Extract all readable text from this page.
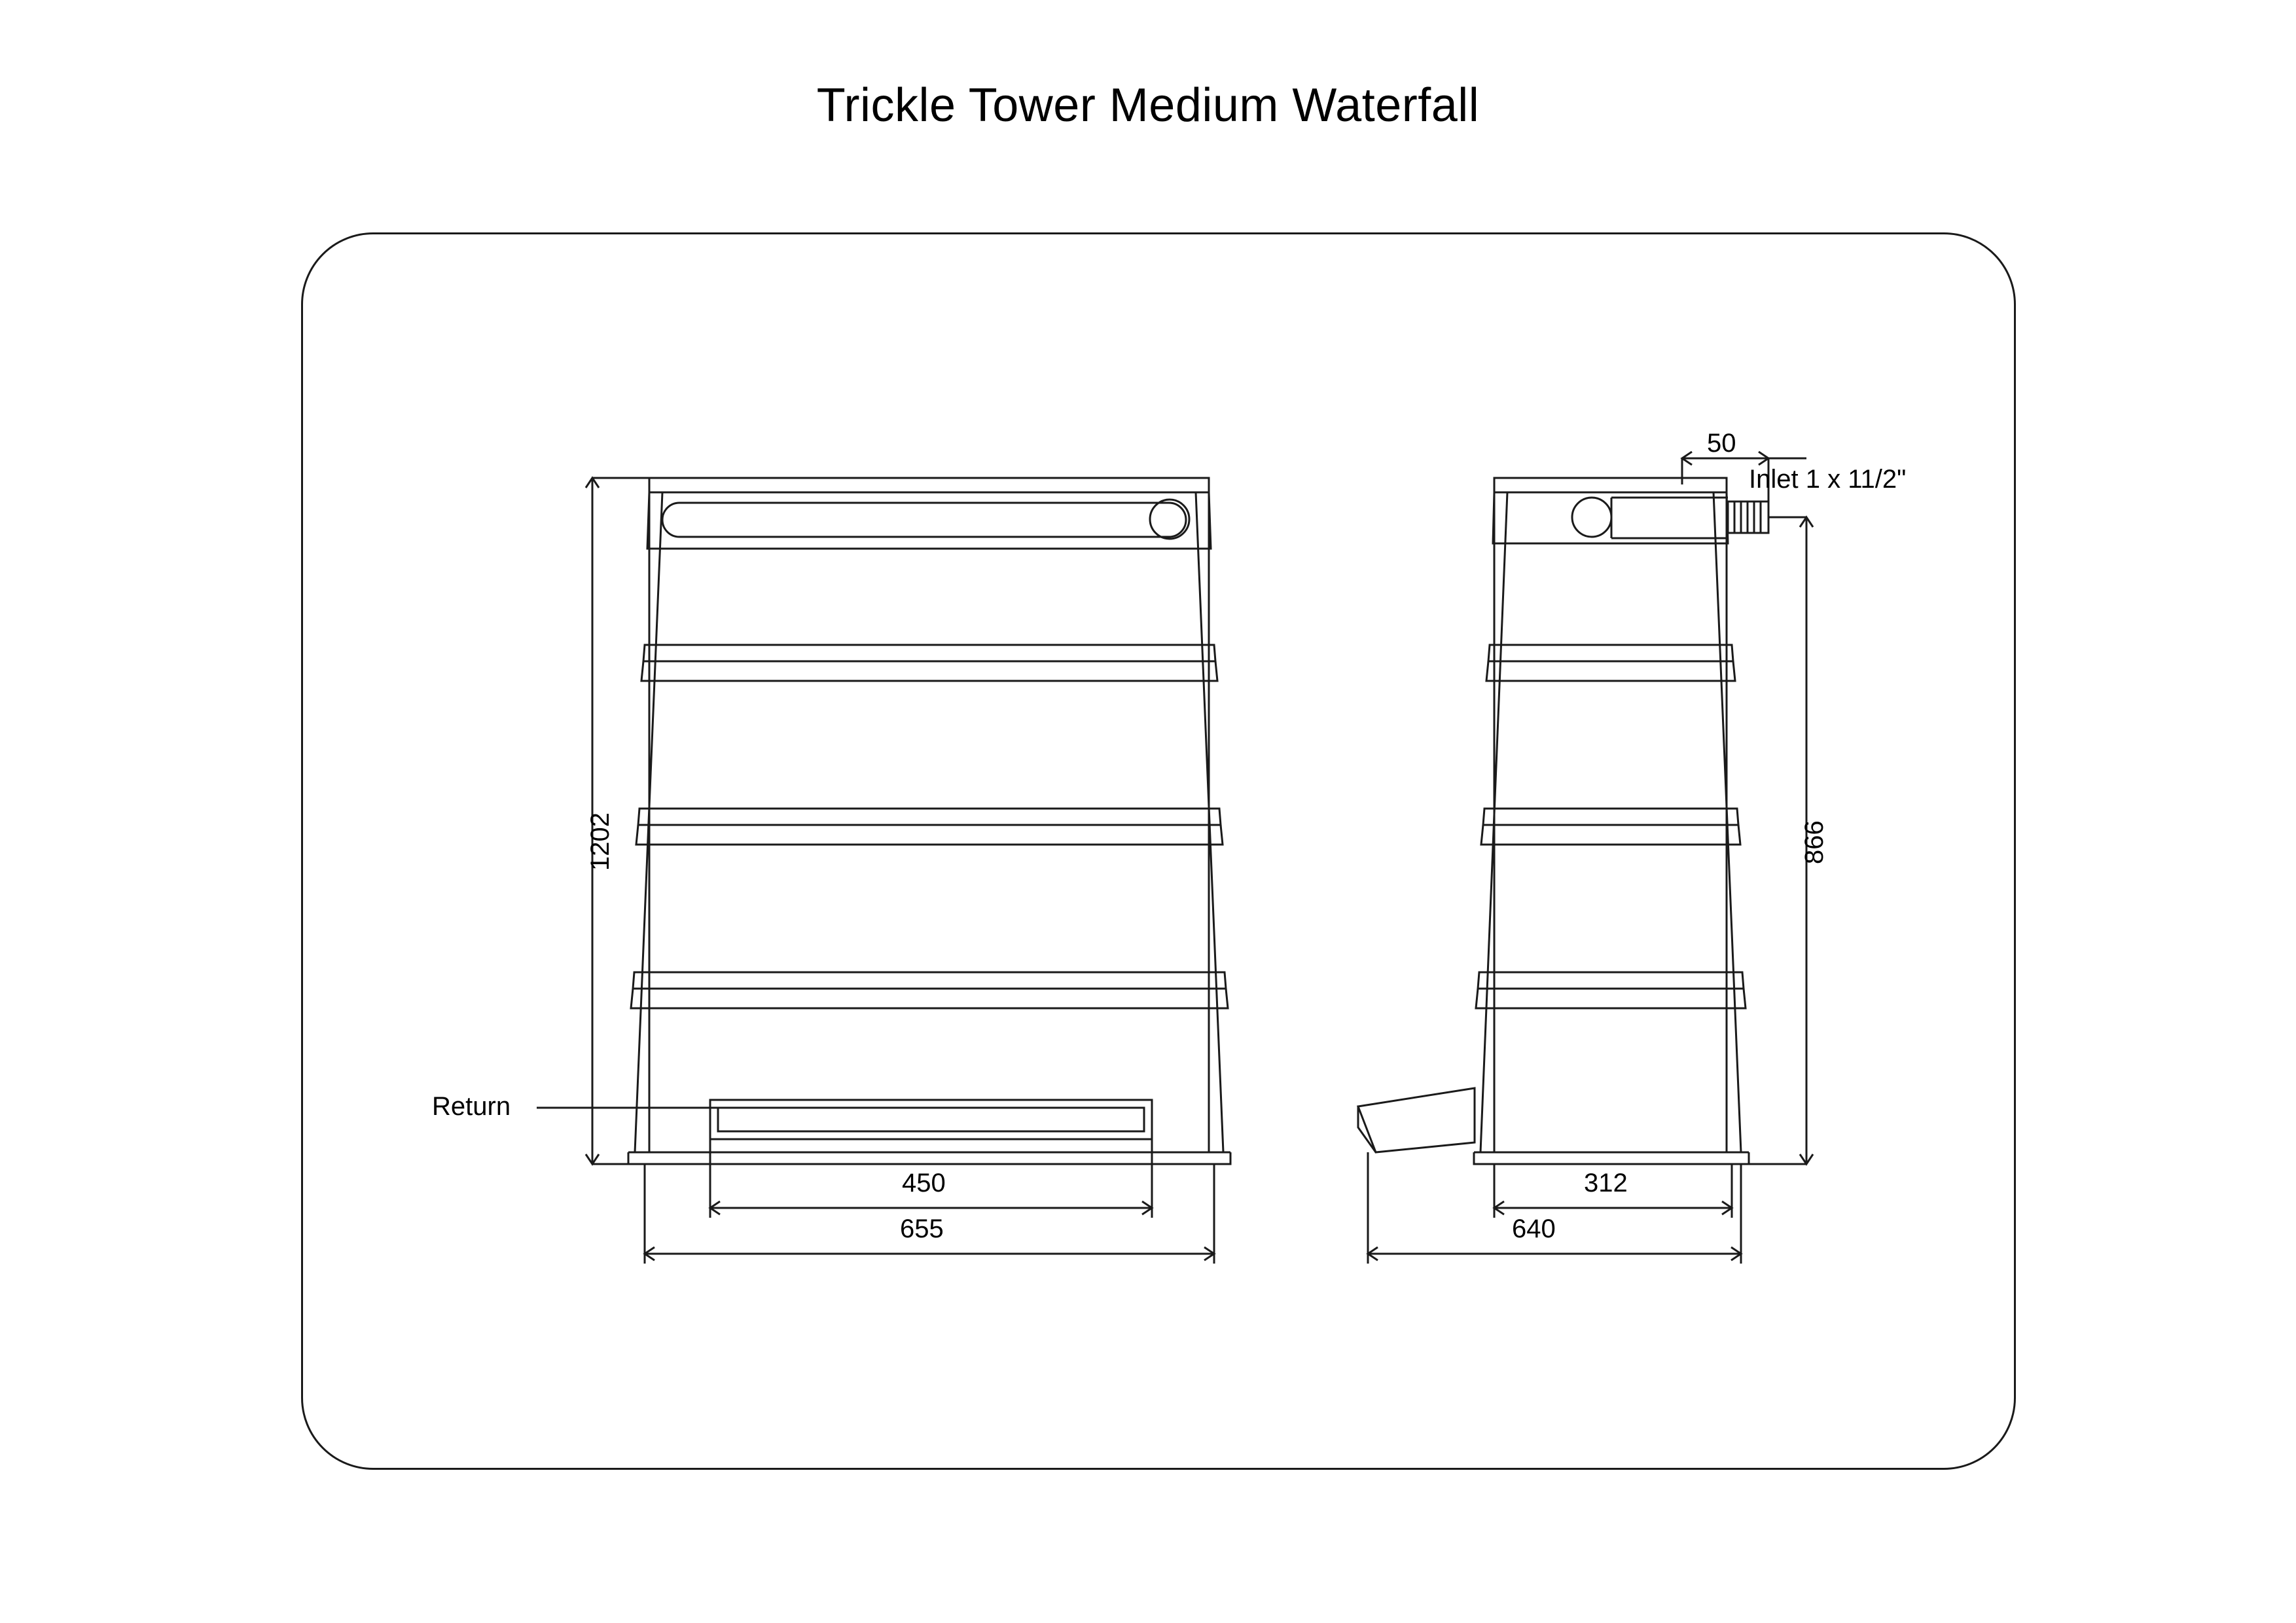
Trickle Tower Medium Waterfall
1202
450
655
Return
866
312
640
50
Inlet 1 x 11/2"
